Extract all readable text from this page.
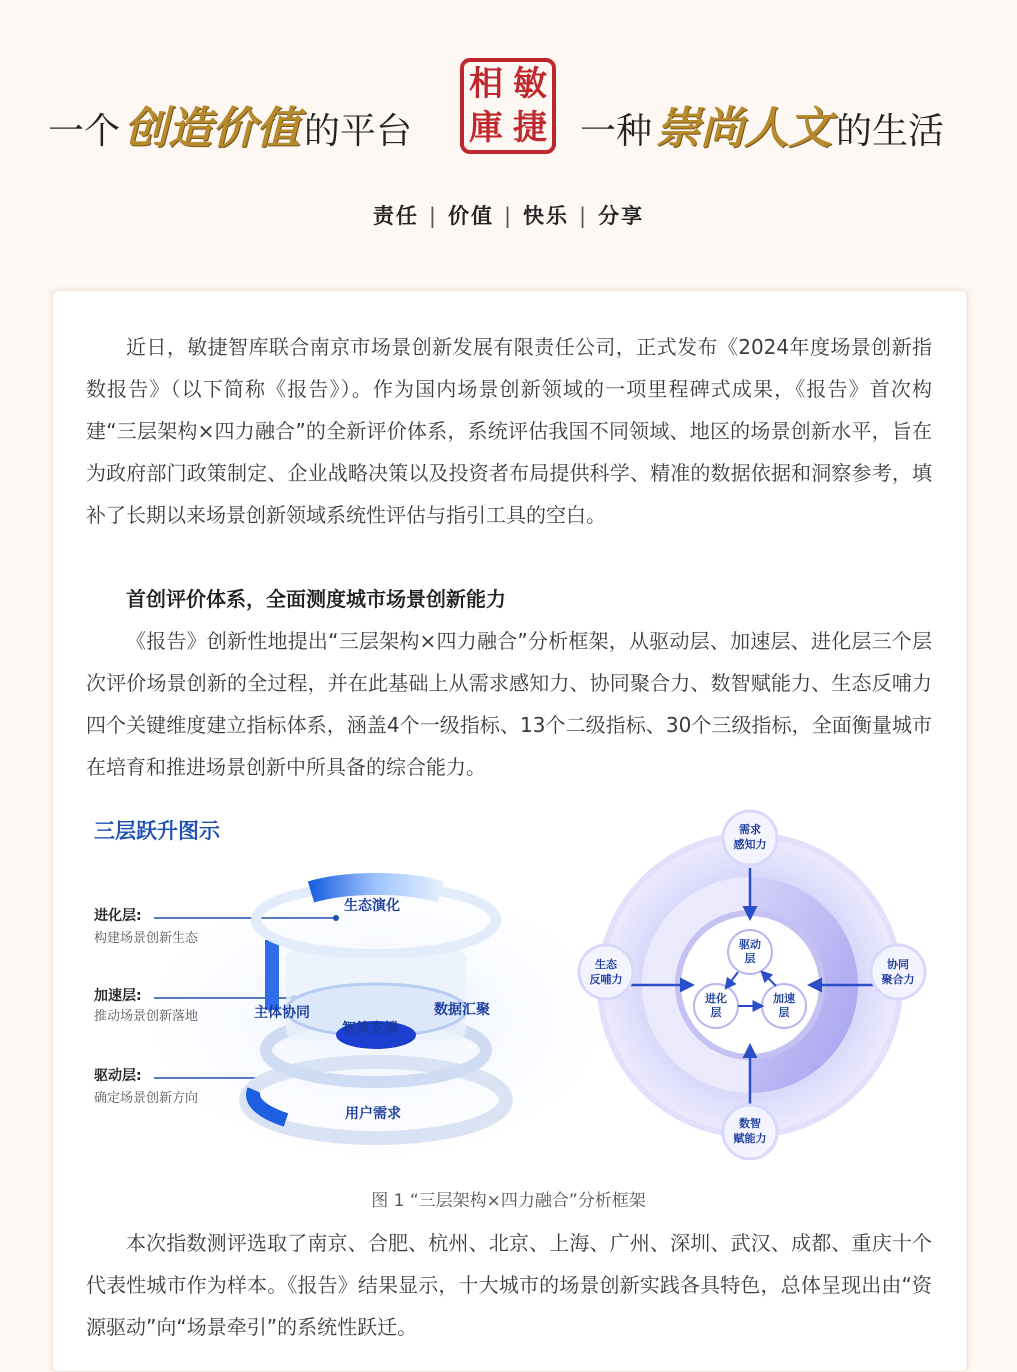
一个创造价值 的平台
相 敏
庫 捷 一种崇尚人文 的生活
责任 | 价值 | 快乐 | 分享
近日，敏捷智库联合南京市场景创新发展有限责任公司，正式发布《2024年度场景创新指数报告》（以下简称《报告》）。作为国内场景创新领域的一项里程碑式成果，《报告》首次构建“三层架构×四力融合”的全新评价体系，系统评估我国不同领域、地区的场景创新水平，旨在为政府部门政策制定、企业战略决策以及投资者布局提供科学、精准的数据依据和洞察参考，填补了长期以来场景创新领域系统性评估与指引工具的空白。
首创评价体系，全面测度城市场景创新能力
《报告》创新性地提出“三层架构×四力融合”分析框架，从驱动层、加速层、进化层三个层次评价场景创新的全过程，并在此基础上从需求感知力、协同聚合力、数智赋能力、生态反哺力四个关键维度建立指标体系，涵盖4个一级指标、13个二级指标、30个三级指标，全面衡量城市在培育和推进场景创新中所具备的综合能力。
三层跃升图示
进化层:
构建场景创新生态
加速层:
推动场景创新落地
驱动层:
确定场景创新方向
生态演化
主体协同
智算支撑
数据汇聚
用户需求
需求
感知力
协同
聚合力
数智
赋能力
生态
反哺力
驱动
层
进化
层
加速
层
图 1 “三层架构×四力融合”分析框架
本次指数测评选取了南京、合肥、杭州、北京、上海、广州、深圳、武汉、成都、重庆十个代表性城市作为样本。《报告》结果显示，十大城市的场景创新实践各具特色，总体呈现出由“资源驱动”向“场景牵引”的系统性跃迁。
